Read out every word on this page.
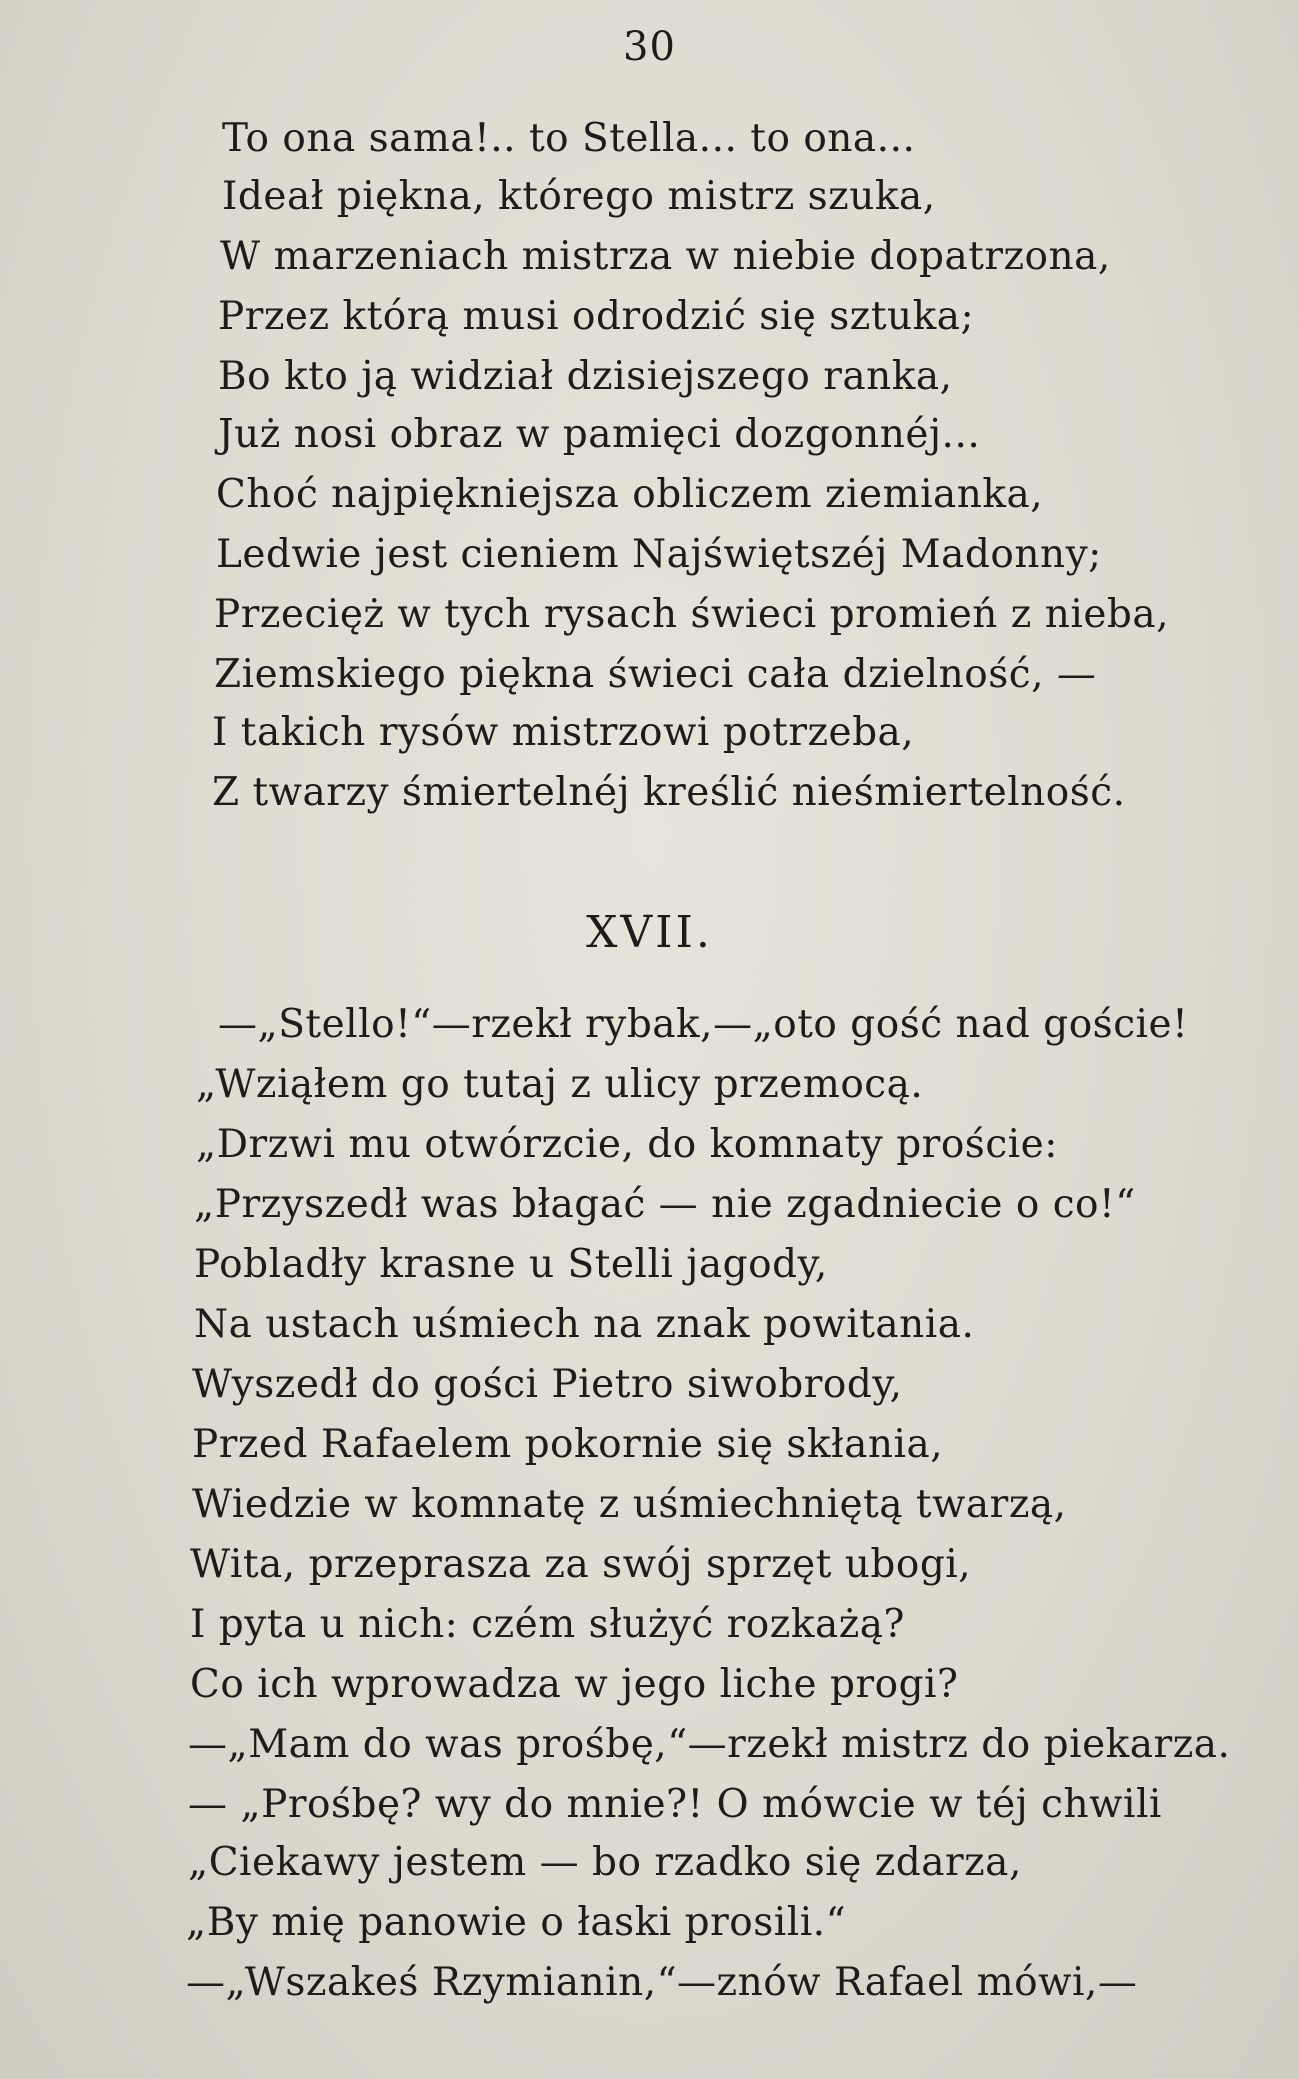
30
To ona sama!.. to Stella... to ona...
Ideał piękna, którego mistrz szuka,
W marzeniach mistrza w niebie dopatrzona,
Przez którą musi odrodzić się sztuka;
Bo kto ją widział dzisiejszego ranka,
Już nosi obraz w pamięci dozgonnéj...
Choć najpiękniejsza obliczem ziemianka,
Ledwie jest cieniem Najświętszéj Madonny;
Przecięż w tych rysach świeci promień z nieba,
Ziemskiego piękna świeci cała dzielność, —
I takich rysów mistrzowi potrzeba,
Z twarzy śmiertelnéj kreślić nieśmiertelność.
XVII.
—„Stello!“—rzekł rybak,—„oto gość nad goście!
„Wziąłem go tutaj z ulicy przemocą.
„Drzwi mu otwórzcie, do komnaty proście:
„Przyszedł was błagać — nie zgadniecie o co!“
Pobladły krasne u Stelli jagody,
Na ustach uśmiech na znak powitania.
Wyszedł do gości Pietro siwobrody,
Przed Rafaelem pokornie się skłania,
Wiedzie w komnatę z uśmiechniętą twarzą,
Wita, przeprasza za swój sprzęt ubogi,
I pyta u nich: czém służyć rozkażą?
Co ich wprowadza w jego liche progi?
—„Mam do was prośbę,“—rzekł mistrz do piekarza.
— „Prośbę? wy do mnie?! O mówcie w téj chwili
„Ciekawy jestem — bo rzadko się zdarza,
„By mię panowie o łaski prosili.“
—„Wszakeś Rzymianin,“—znów Rafael mówi,—
